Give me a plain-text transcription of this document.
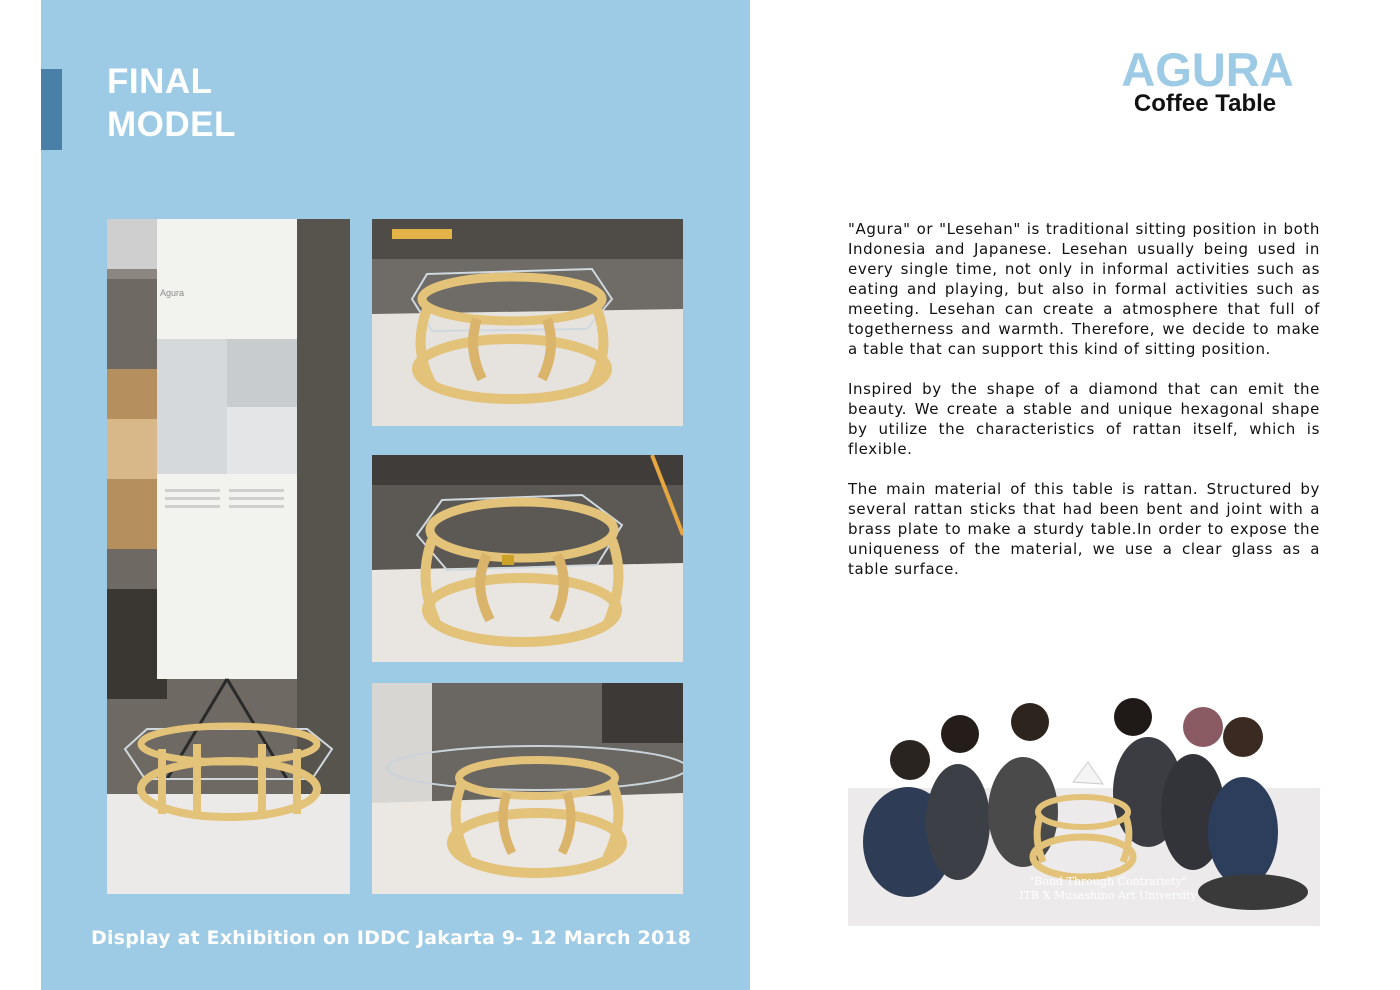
FINAL
MODEL
Agura
Display at Exhibition on IDDC Jakarta 9- 12 March 2018
AGURA
Coffee Table

"Agura" or "Lesehan" is traditional sitting position in both Indonesia and Japanese. Lesehan usually being used in every single time, not only in informal activities such as eating and playing, but also in formal activities such as meeting. Lesehan can create a atmosphere that full of togetherness and warmth. Therefore, we decide to make a table that can support this kind of sitting position.

Inspired by the shape of a diamond that can emit the beauty. We create a stable and unique hexagonal shape by utilize the characteristics of rattan itself, which is flexible.

The main material of this table is rattan. Structured by several rattan sticks that had been bent and joint with a brass plate to make a sturdy table.In order to expose the uniqueness of the material, we use a clear glass as a table surface.

"Bond Through Contrariety"
ITB X Musashino Art University
